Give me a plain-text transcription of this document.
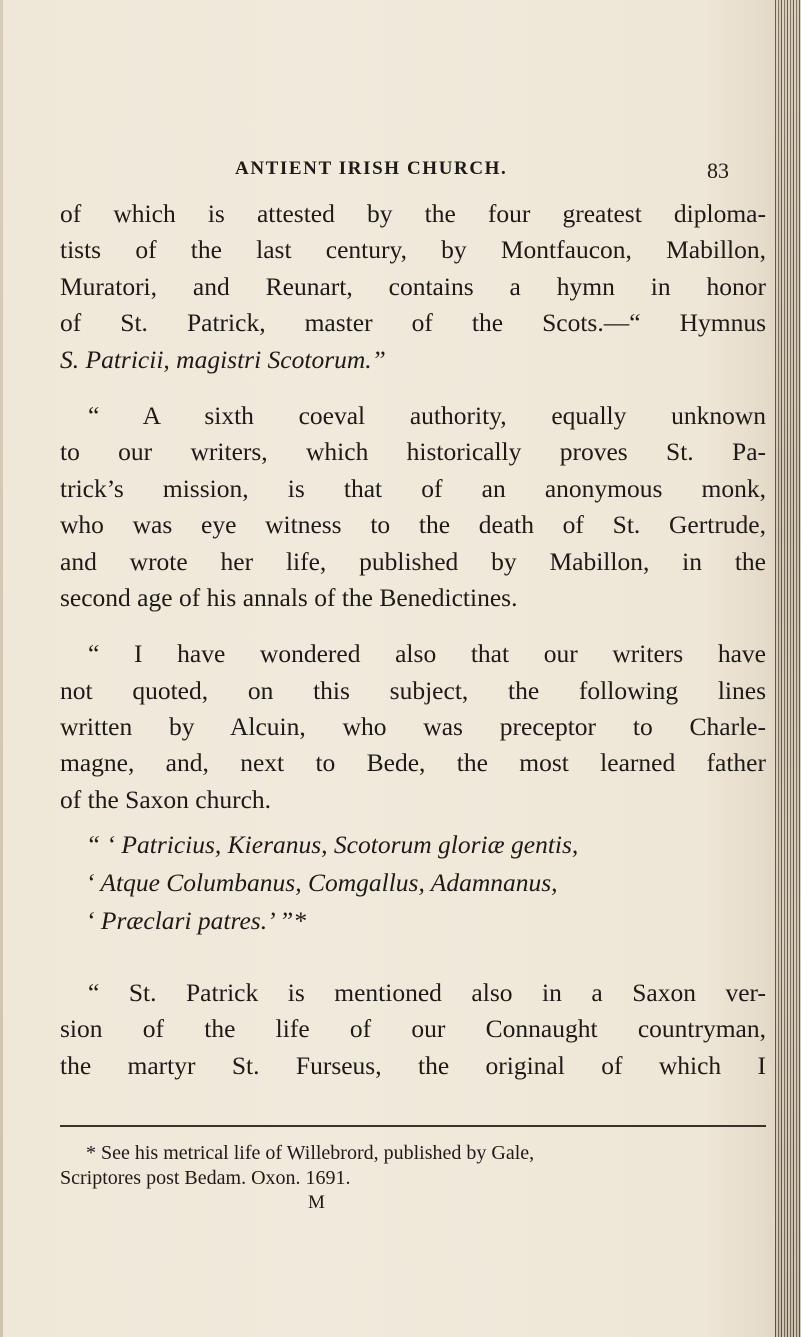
ANTIENT IRISH CHURCH.	83
of which is attested by the four greatest diploma-
tists of the last century, by Montfaucon, Mabillon,
Muratori, and Reunart, contains a hymn in honor
of St. Patrick, master of the Scots.—“ Hymnus
S. Patricii, magistri Scotorum.”
“ A sixth coeval authority, equally unknown
to our writers, which historically proves St. Pa-
trick’s mission, is that of an anonymous monk,
who was eye witness to the death of St. Gertrude,
and wrote her life, published by Mabillon, in the
second age of his annals of the Benedictines.
“ I have wondered also that our writers have
not quoted, on this subject, the following lines
written by Alcuin, who was preceptor to Charle-
magne, and, next to Bede, the most learned father
of the Saxon church.
“ ‘ Patricius, Kieranus, Scotorum gloriæ gentis,
‘ Atque Columbanus, Comgallus, Adamnanus,
‘ Præclari patres.’ ”*
“ St. Patrick is mentioned also in a Saxon ver-
sion of the life of our Connaught countryman,
the martyr St. Furseus, the original of which I
* See his metrical life of Willebrord, published by Gale,
Scriptores post Bedam. Oxon. 1691.
M
